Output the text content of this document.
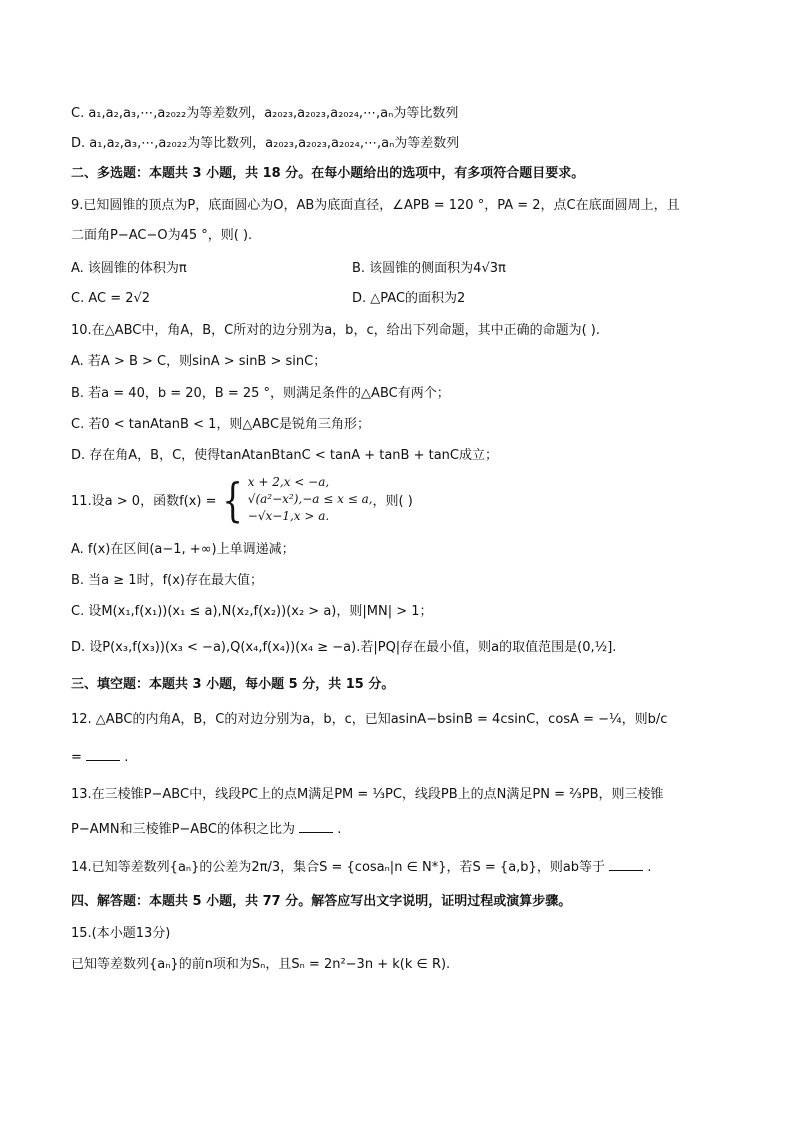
C. a₁,a₂,a₃,⋯,a₂₀₂₂为等差数列，a₂₀₂₃,a₂₀₂₃,a₂₀₂₄,⋯,aₙ为等比数列
D. a₁,a₂,a₃,⋯,a₂₀₂₂为等比数列，a₂₀₂₃,a₂₀₂₃,a₂₀₂₄,⋯,aₙ为等差数列
二、多选题：本题共 3 小题，共 18 分。在每小题给出的选项中，有多项符合题目要求。
9.已知圆锥的顶点为P，底面圆心为O，AB为底面直径，∠APB = 120 °，PA = 2，点C在底面圆周上，且
二面角P−AC−O为45 °，则( ).
A. 该圆锥的体积为π	B. 该圆锥的侧面积为4√3π
C. AC = 2√2	D. △PAC的面积为2
10.在△ABC中，角A，B，C所对的边分别为a，b，c，给出下列命题，其中正确的命题为( ).
A. 若A > B > C，则sinA > sinB > sinC；
B. 若a = 40，b = 20，B = 25 °，则满足条件的△ABC有两个；
C. 若0 < tanAtanB < 1，则△ABC是锐角三角形；
D. 存在角A，B，C，使得tanAtanBtanC < tanA + tanB + tanC成立；
11.设a > 0，函数f(x) = { x + 2,x < −a,
√(a²−x²),−a ≤ x ≤ a,
−√x−1,x > a.
，则( )
A. f(x)在区间(a−1, +∞)上单调递减；
B. 当a ≥ 1时，f(x)存在最大值；
C. 设M(x₁,f(x₁))(x₁ ≤ a),N(x₂,f(x₂))(x₂ > a)，则|MN| > 1；
D. 设P(x₃,f(x₃))(x₃ < −a),Q(x₄,f(x₄))(x₄ ≥ −a).若|PQ|存在最小值，则a的取值范围是(0,½].
三、填空题：本题共 3 小题，每小题 5 分，共 15 分。
12. △ABC的内角A，B，C的对边分别为a，b，c，已知asinA−bsinB = 4csinC，cosA = −¼，则b/c
=	.
13.在三棱锥P−ABC中，线段PC上的点M满足PM = ⅓PC，线段PB上的点N满足PN = ⅔PB，则三棱锥
P−AMN和三棱锥P−ABC的体积之比为	.
14.已知等差数列{aₙ}的公差为2π/3，集合S = {cosaₙ|n ∈ N*}，若S = {a,b}，则ab等于	.
四、解答题：本题共 5 小题，共 77 分。解答应写出文字说明，证明过程或演算步骤。
15.(本小题13分)
已知等差数列{aₙ}的前n项和为Sₙ，且Sₙ = 2n²−3n + k(k ∈ R).
